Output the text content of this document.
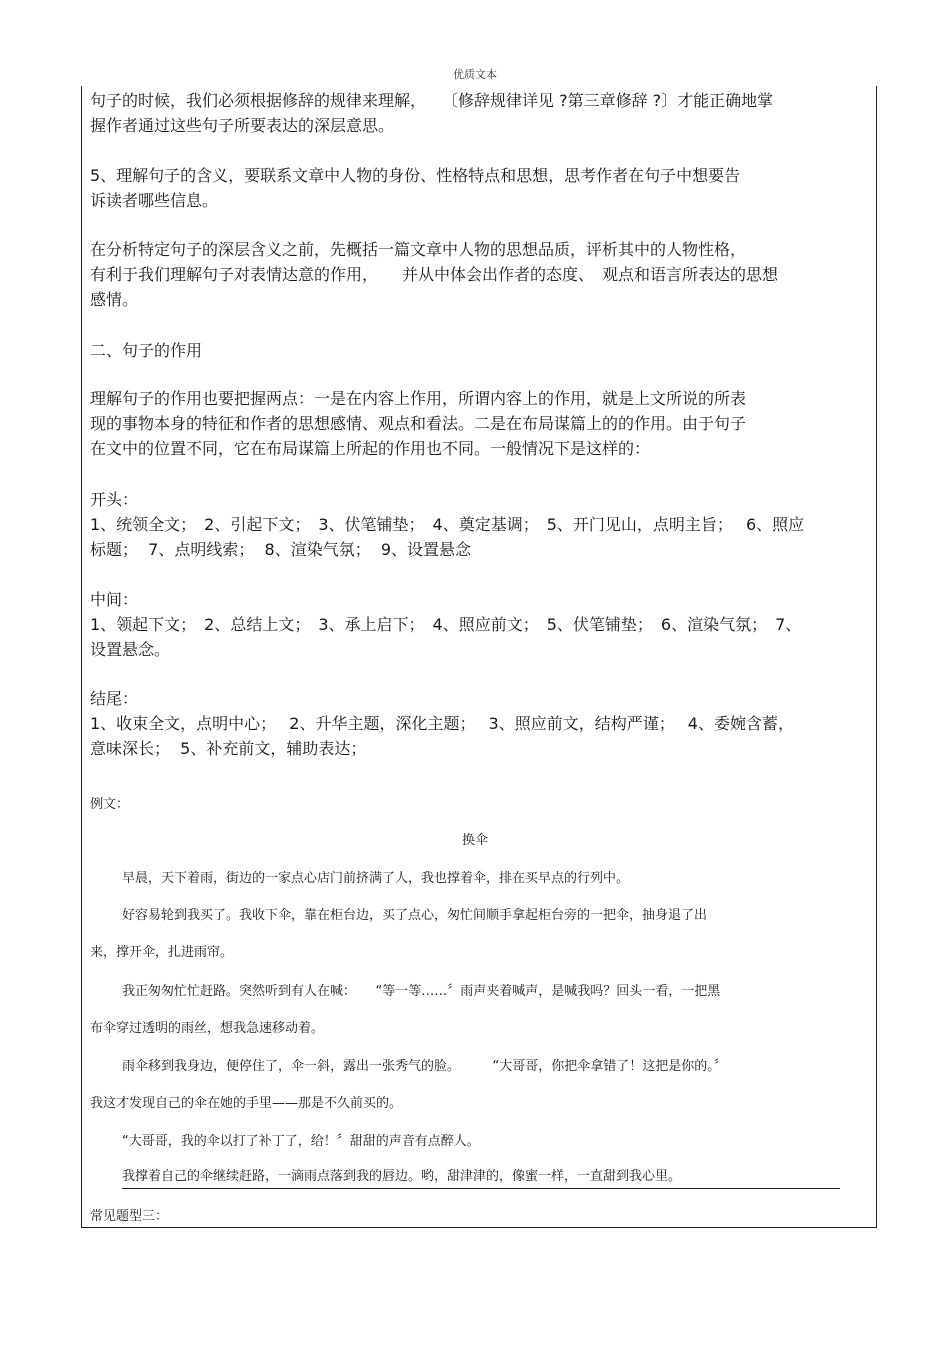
优质文本
句子的时候，我们必须根据修辞的规律来理解，　　〔修辞规律详见 ?第三章修辞 ?〕才能正确地掌
握作者通过这些句子所要表达的深层意思。
5、理解句子的含义，要联系文章中人物的身份、性格特点和思想，思考作者在句子中想要告
诉读者哪些信息。
在分析特定句子的深层含义之前，先概括一篇文章中人物的思想品质，评析其中的人物性格，
有利于我们理解句子对表情达意的作用，　　并从中体会出作者的态度、　观点和语言所表达的思想
感情。
二、句子的作用
理解句子的作用也要把握两点：一是在内容上作用，所谓内容上的作用，就是上文所说的所表
现的事物本身的特征和作者的思想感情、观点和看法。二是在布局谋篇上的的作用。由于句子
在文中的位置不同，它在布局谋篇上所起的作用也不同。一般情况下是这样的：
开头：
1、统领全文；　2、引起下文；　3、伏笔铺垫；　4、奠定基调；　5、开门见山，点明主旨；　 6、照应
标题；  7、点明线索；  8、渲染气氛；  9、设置悬念
中间：
1、领起下文；　2、总结上文；　3、承上启下；　4、照应前文；　5、伏笔铺垫；　6、渲染气氛；　7、
设置悬念。
结尾：
1、收束全文，点明中心；　 2、升华主题，深化主题；　 3、照应前文，结构严谨；　 4、委婉含蓄，
意味深长；  5、补充前文，辅助表达；
例文：
换伞
早晨，天下着雨，街边的一家点心店门前挤满了人，我也撑着伞，排在买早点的行列中。
好容易轮到我买了。我收下伞，靠在柜台边，买了点心，匆忙间顺手拿起柜台旁的一把伞，抽身退了出
来，撑开伞，扎进雨帘。
我正匆匆忙忙赶路。突然听到有人在喊：　　“等一等……〞雨声夹着喊声，是喊我吗？回头一看，一把黑
布伞穿过透明的雨丝，想我急速移动着。
雨伞移到我身边，便停住了，伞一斜，露出一张秀气的脸。　　　“大哥哥，你把伞拿错了！这把是你的。〞
我这才发现自己的伞在她的手里——那是不久前买的。
“大哥哥，我的伞以打了补丁了，给！〞甜甜的声音有点醉人。
我撑着自己的伞继续赶路，一滴雨点落到我的唇边。哟，甜津津的，像蜜一样，一直甜到我心里。
常见题型三：
